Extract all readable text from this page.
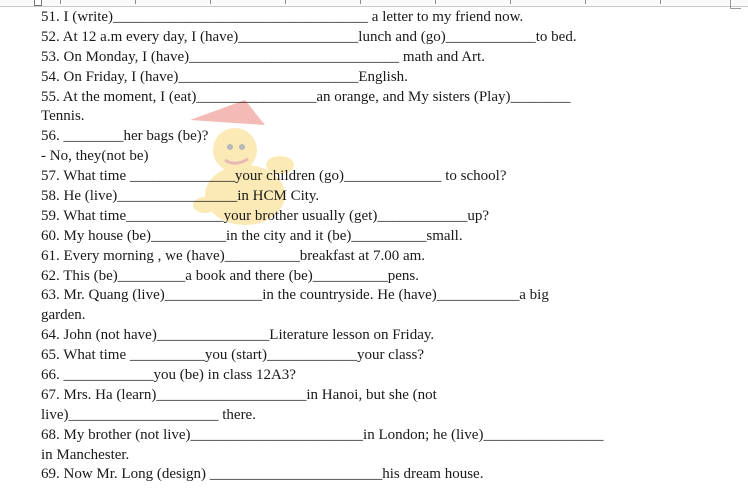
51. I (write)__________________________________ a letter to my friend now.
52. At 12 a.m every day, I (have)________________lunch and (go)____________to bed.
53. On Monday, I (have)____________________________ math and Art.
54. On Friday, I (have)________________________English.
55. At the moment, I (eat)________________an orange, and My sisters (Play)________
Tennis.
56. ________her bags (be)?
- No, they(not be)
57. What time ______________your children (go)_____________ to school?
58. He (live)________________in HCM City.
59. What time_____________your brother usually (get)____________up?
60. My house (be)__________in the city and it (be)__________small.
61. Every morning , we (have)__________breakfast at 7.00 am.
62. This (be)_________a book and there (be)__________pens.
63. Mr. Quang (live)_____________in the countryside. He (have)___________a big
garden.
64. John (not have)_______________Literature lesson on Friday.
65. What time __________you (start)____________your class?
66. ____________you (be) in class 12A3?
67. Mrs. Ha (learn)____________________in Hanoi, but she (not
live)____________________ there.
68. My brother (not live)_______________________in London; he (live)________________
in Manchester.
69. Now Mr. Long (design) _______________________his dream house.
